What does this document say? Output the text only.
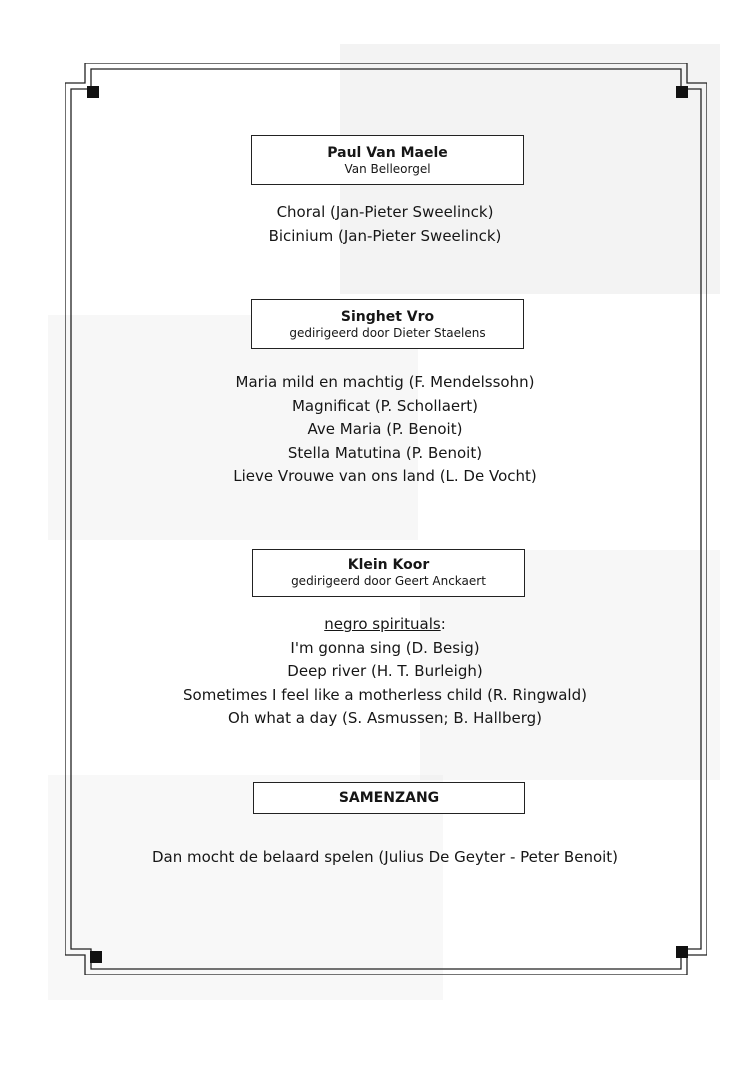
Paul Van Maele
Van Belleorgel
Choral (Jan-Pieter Sweelinck)
Bicinium (Jan-Pieter Sweelinck)
Singhet Vro
gedirigeerd door Dieter Staelens
Maria mild en machtig (F. Mendelssohn)
Magnificat (P. Schollaert)
Ave Maria (P. Benoit)
Stella Matutina (P. Benoit)
Lieve Vrouwe van ons land (L. De Vocht)
Klein Koor
gedirigeerd door Geert Anckaert
negro spirituals:
I'm gonna sing (D. Besig)
Deep river (H. T. Burleigh)
Sometimes I feel like a motherless child (R. Ringwald)
Oh what a day (S. Asmussen; B. Hallberg)
SAMENZANG
Dan mocht de belaard spelen (Julius De Geyter - Peter Benoit)
